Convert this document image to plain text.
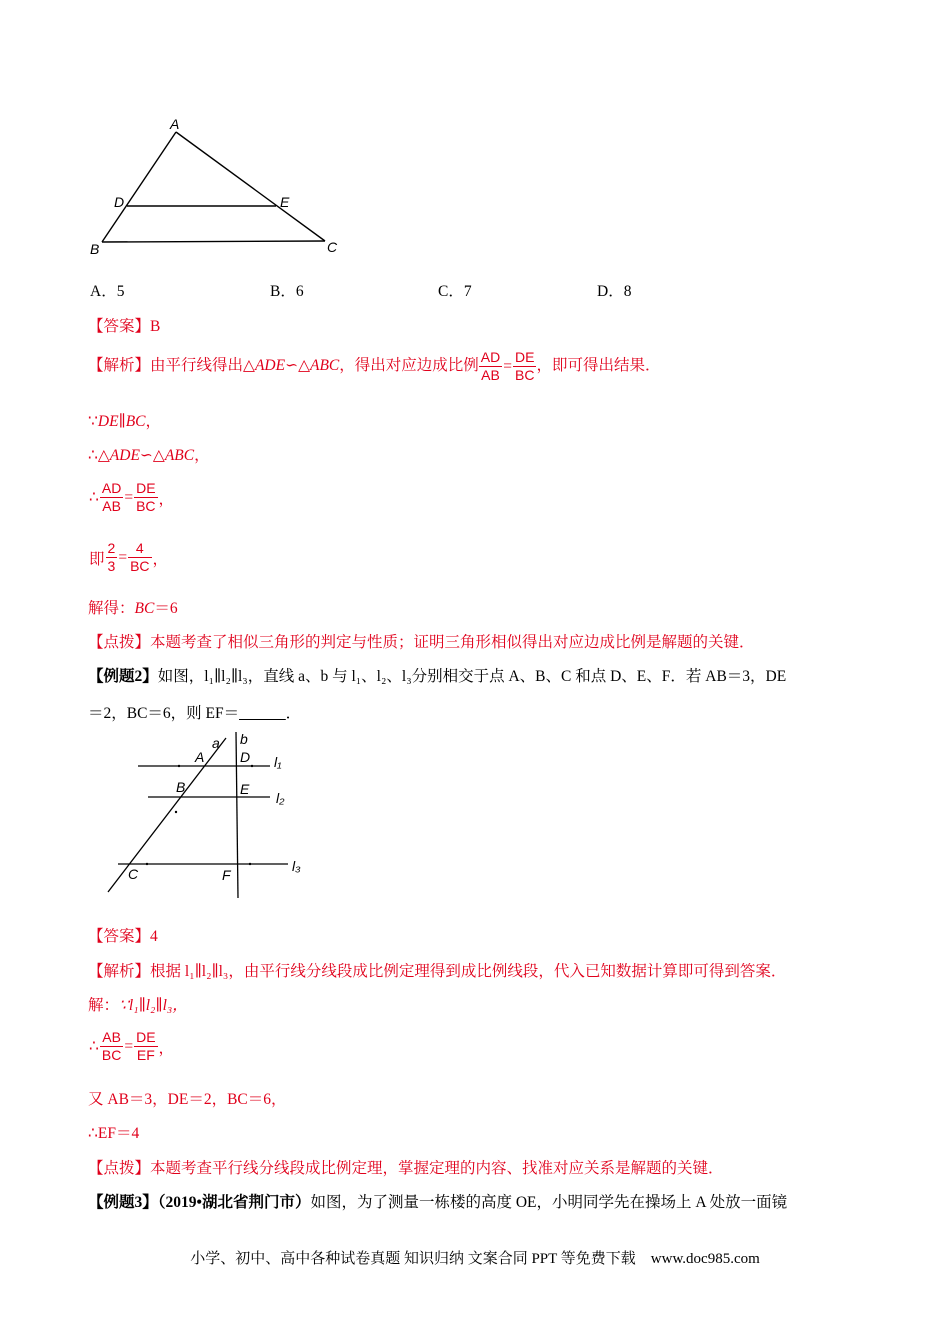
A
D	E
B	C
A．5	B．6	C．7	D．8
【答案】B
【解析】由平行线得出△ADE∽△ABC，得出对应边成比例 $\frac{AD}{AB} = \frac{DE}{BC}$ ，即可得出结果．
∵DE∥BC，
∴△ADE∽△ABC，
∴ $\frac{AD}{AB} = \frac{DE}{BC}$ ，
即 $\frac{2}{3} = \frac{4}{BC}$ ，
解得：BC＝6
【点拨】本题考查了相似三角形的判定与性质；证明三角形相似得出对应边成比例是解题的关键．
【例题2】如图，l₁∥l₂∥l₃，直线 a、b 与 l₁、l₂、l₃分别相交于点 A、B、C 和点 D、E、F．若 AB＝3，DE
＝2，BC＝6，则 EF＝______．
a b
A	D l₁
B	E
l₂
C	F
l₃
【答案】4
【解析】根据 l₁∥l₂∥l₃，由平行线分线段成比例定理得到成比例线段，代入已知数据计算即可得到答案．
解：∵l₁∥l₂∥l₃，
∴ $\frac{AB}{BC} = \frac{DE}{EF}$ ，
又 AB＝3，DE＝2，BC＝6，
∴EF＝4
【点拨】本题考查平行线分线段成比例定理，掌握定理的内容、找准对应关系是解题的关键．
【例题3】（2019•湖北省荆门市）如图，为了测量一栋楼的高度 OE，小明同学先在操场上 A 处放一面镜
小学、初中、高中各种试卷真题 知识归纳 文案合同 PPT 等免费下载　www.doc985.com
